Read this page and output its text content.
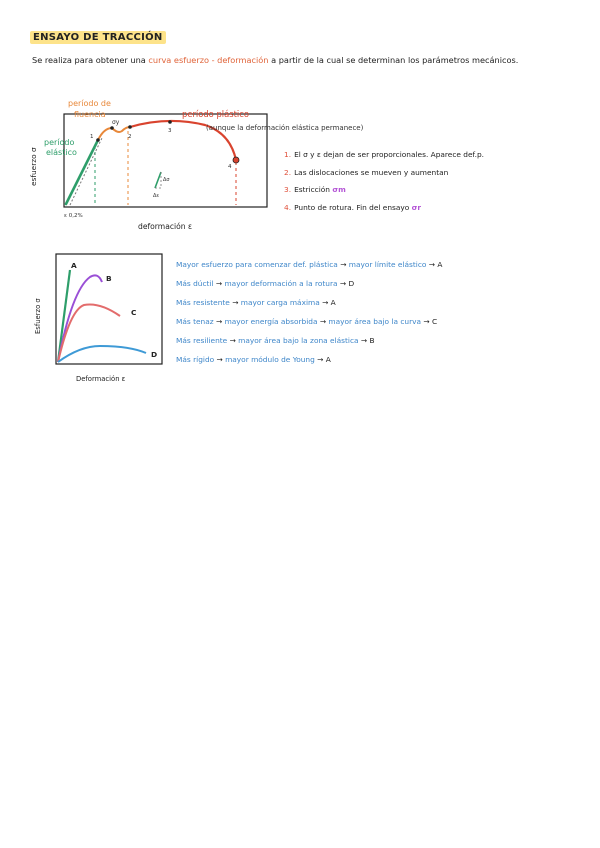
ENSAYO DE TRACCIÓN
Se realiza para obtener una curva esfuerzo - deformación a partir de la cual se determinan los parámetros mecánicos.
período de
fluencia
período
elástico
período plástico
(aunque la deformación elástica permanece)
σy
1	2
3
4
Δσ
Δε
ε 0,2%
deformación ε
esfuerzo σ
A
B
C
D
Deformación ε
Esfuerzo σ
1. El σ y ε dejan de ser proporcionales. Aparece def.p.
2. Las dislocaciones se mueven y aumentan
3. Estricción σm
4. Punto de rotura. Fin del ensayo σr
Mayor esfuerzo para comenzar def. plástica → mayor límite elástico → A
Más dúctil → mayor deformación a la rotura → D
Más resistente → mayor carga máxima → A
Más tenaz → mayor energía absorbida → mayor área bajo la curva → C
Más resiliente → mayor área bajo la zona elástica → B
Más rígido → mayor módulo de Young → A
